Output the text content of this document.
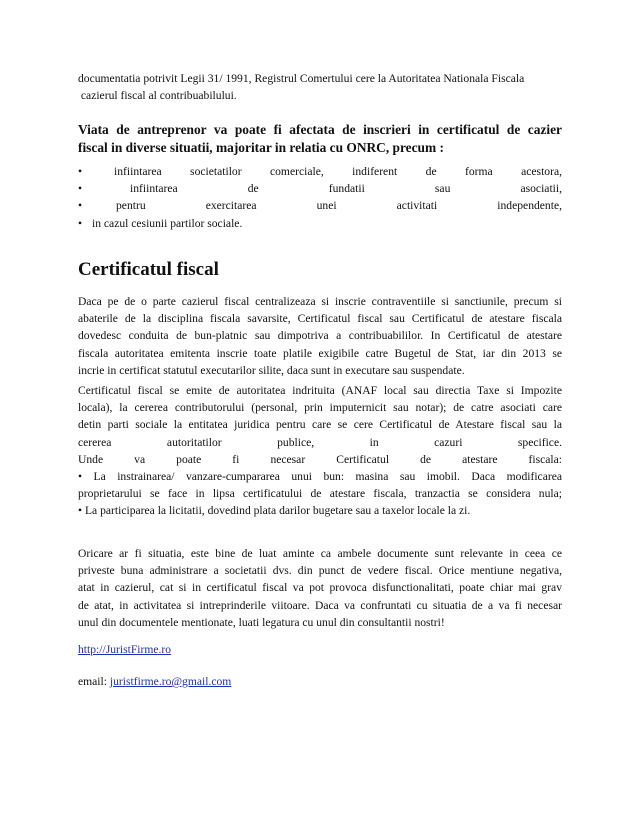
documentatia potrivit Legii 31/ 1991, Registrul Comertului cere la Autoritatea Nationala Fiscala
cazierul fiscal al contribuabilului.
Viata de antreprenor va poate fi afectata de inscrieri in certificatul de cazier
fiscal in diverse situatii, majoritar in relatia cu ONRC, precum :
•	infiintarea societatilor comerciale, indiferent de forma acestora,
•	infiintarea de fundatii sau asociatii,
•	pentru exercitarea unei activitati independente,
• in cazul cesiunii partilor sociale.
Certificatul fiscal
Daca pe de o parte cazierul fiscal centralizeaza si inscrie contraventiile si sanctiunile, precum si
abaterile de la disciplina fiscala savarsite, Certificatul fiscal sau Certificatul de atestare fiscala
dovedesc conduita de bun-platnic sau dimpotriva a contribuabililor. In Certificatul de atestare
fiscala autoritatea emitenta inscrie toate platile exigibile catre Bugetul de Stat, iar din 2013 se
incrie in certificat statutul executarilor silite, daca sunt in executare sau suspendate.
Certificatul fiscal se emite de autoritatea indrituita (ANAF local sau directia Taxe si Impozite
locala), la cererea contributorului (personal, prin imputernicit sau notar); de catre asociati care
detin parti sociale la entitatea juridica pentru care se cere Certificatul de Atestare fiscal sau la
cererea autoritatilor publice, in cazuri specifice.
Unde va poate fi necesar Certificatul de atestare fiscala:
• La instrainarea/ vanzare-cumpararea unui bun: masina sau imobil. Daca modificarea
proprietarului se face in lipsa certificatului de atestare fiscala, tranzactia se considera nula;
• La participarea la licitatii, dovedind plata darilor bugetare sau a taxelor locale la zi.
Oricare ar fi situatia, este bine de luat aminte ca ambele documente sunt relevante in ceea ce
priveste buna administrare a societatii dvs. din punct de vedere fiscal. Orice mentiune negativa,
atat in cazierul, cat si in certificatul fiscal va pot provoca disfunctionalitati, poate chiar mai grav
de atat, in activitatea si intreprinderile viitoare. Daca va confruntati cu situatia de a va fi necesar
unul din documentele mentionate, luati legatura cu unul din consultantii nostri!
http://JuristFirme.ro
email: juristfirme.ro@gmail.com
